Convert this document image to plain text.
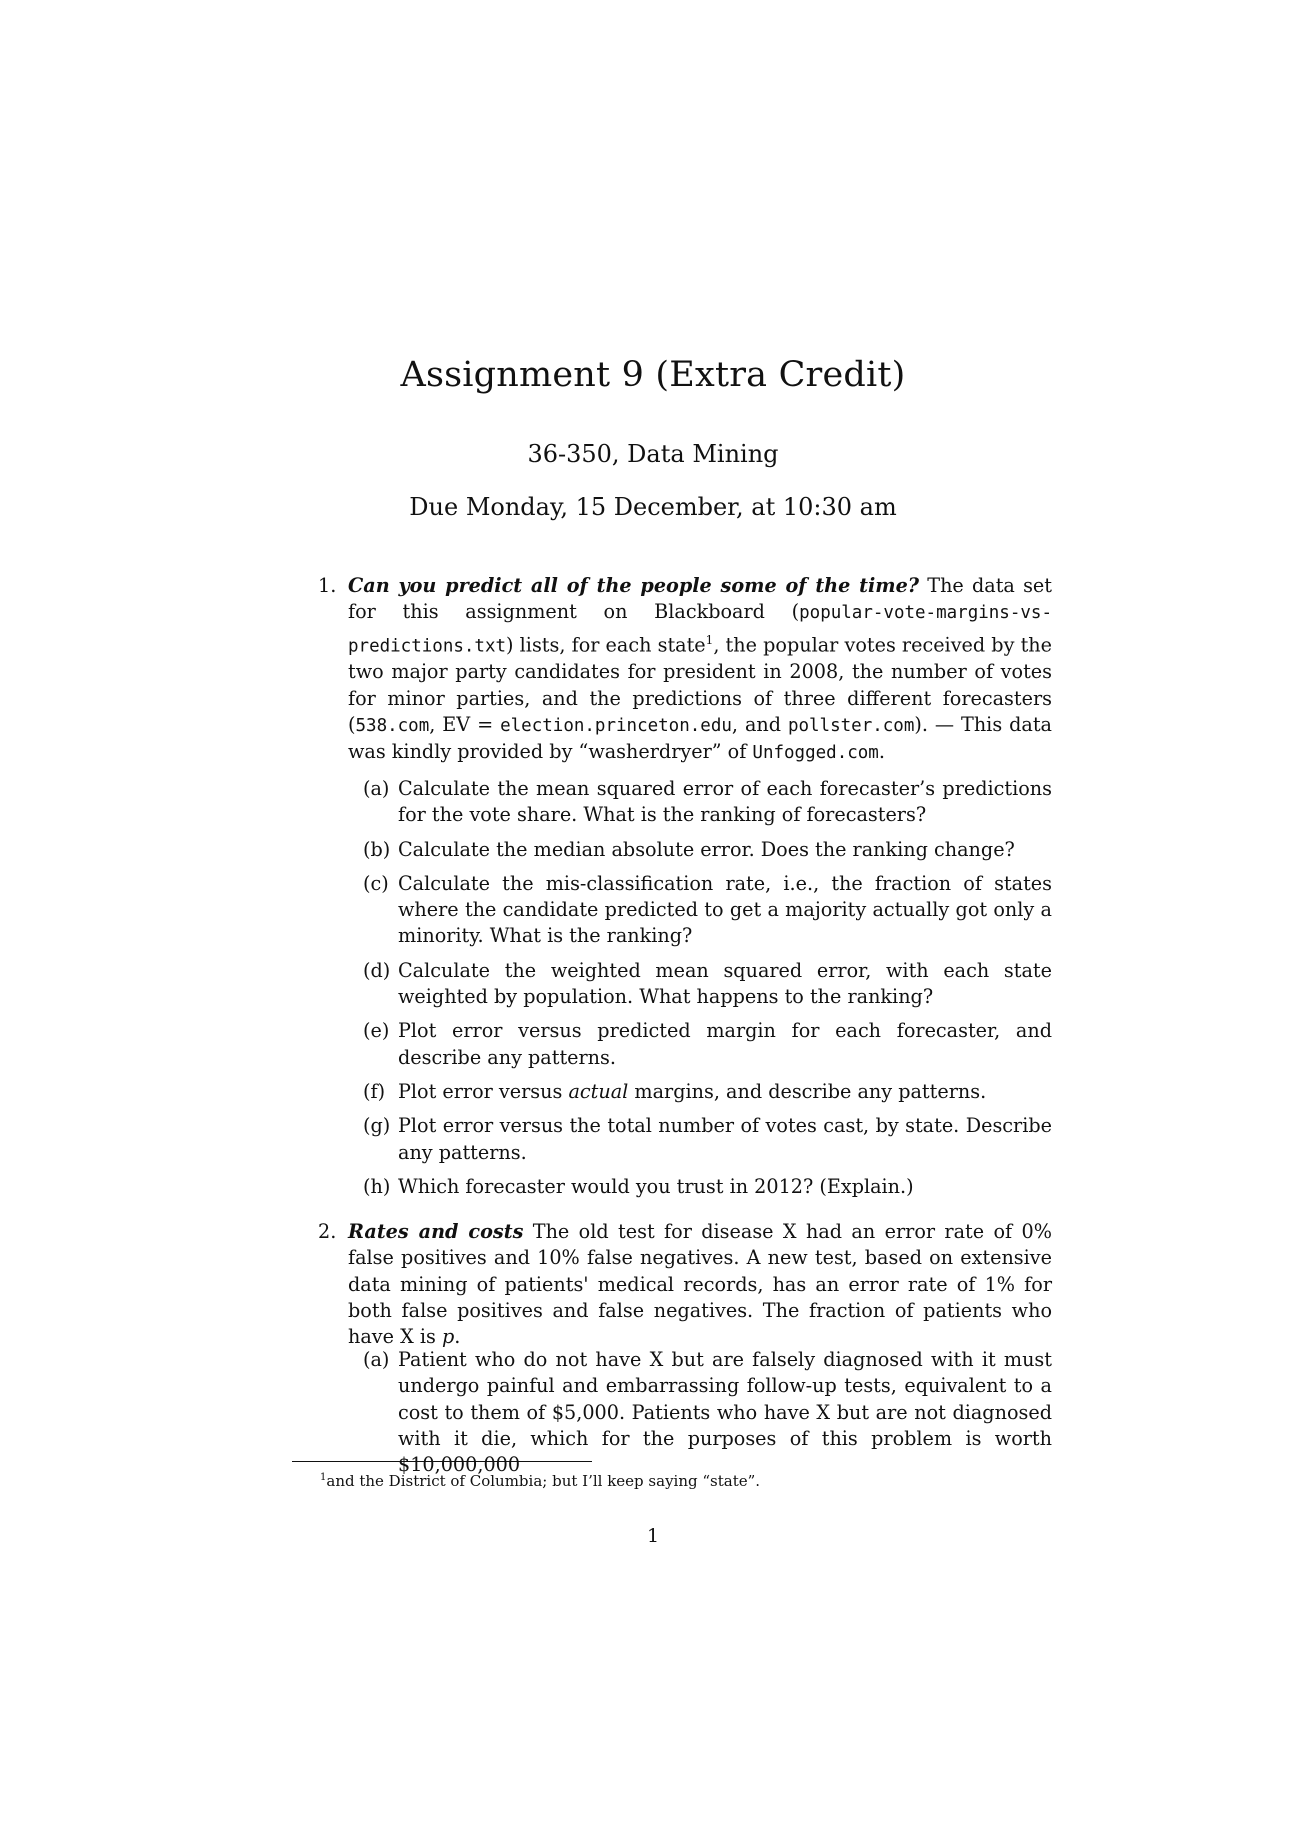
Assignment 9 (Extra Credit)
36-350, Data Mining
Due Monday, 15 December, at 10:30 am
1. Can you predict all of the people some of the time? The data set for this assignment on Blackboard (popular-vote-margins-vs-predictions.txt) lists, for each state$^1$, the popular votes received by the two major party candidates for president in 2008, the number of votes for minor parties, and the predictions of three different forecasters (538.com, EV = election.princeton.edu, and pollster.com). — This data was kindly provided by “washerdryer” of Unfogged.com.
(a) Calculate the mean squared error of each forecaster’s predictions for the vote share. What is the ranking of forecasters?
(b) Calculate the median absolute error. Does the ranking change?
(c) Calculate the mis-classification rate, i.e., the fraction of states where the candidate predicted to get a majority actually got only a minority. What is the ranking?
(d) Calculate the weighted mean squared error, with each state weighted by population. What happens to the ranking?
(e) Plot error versus predicted margin for each forecaster, and describe any patterns.
(f) Plot error versus actual margins, and describe any patterns.
(g) Plot error versus the total number of votes cast, by state. Describe any patterns.
(h) Which forecaster would you trust in 2012? (Explain.)
2. Rates and costs The old test for disease X had an error rate of 0% false positives and 10% false negatives. A new test, based on extensive data mining of patients' medical records, has an error rate of 1% for both false positives and false negatives. The fraction of patients who have X is p.
(a) Patient who do not have X but are falsely diagnosed with it must undergo painful and embarrassing follow-up tests, equivalent to a cost to them of $5,000. Patients who have X but are not diagnosed with it die, which for the purposes of this problem is worth $10,000,000
$^1$and the District of Columbia; but I’ll keep saying “state”.
1
